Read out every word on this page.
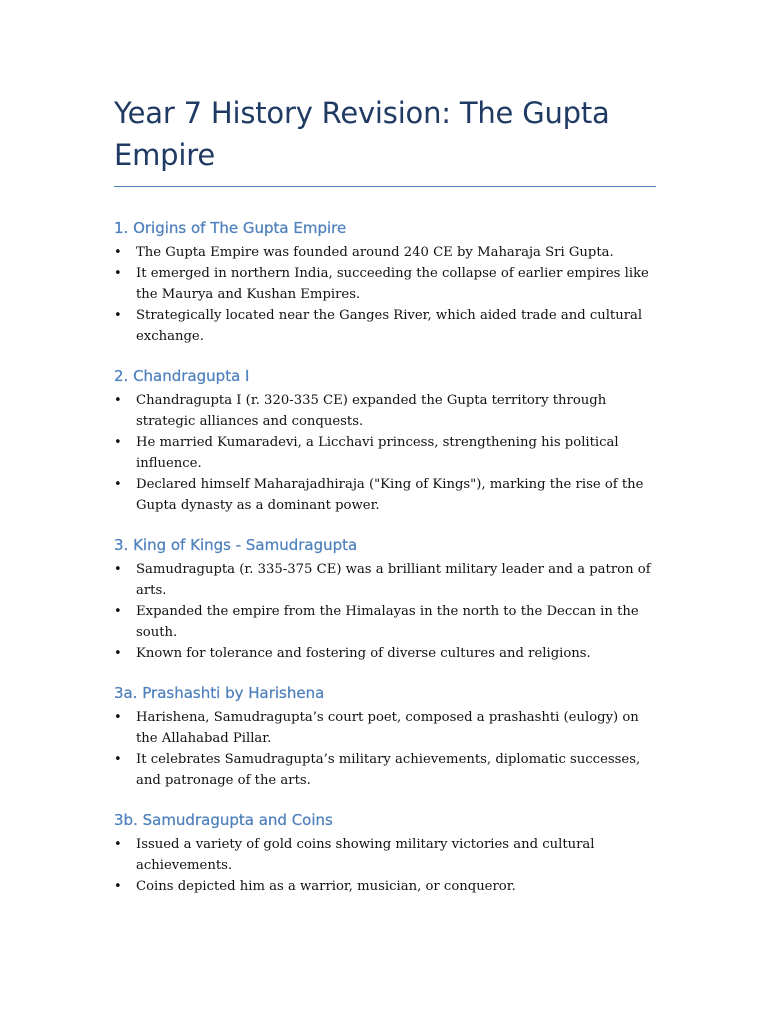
Year 7 History Revision: The Gupta Empire
1. Origins of The Gupta Empire
• The Gupta Empire was founded around 240 CE by Maharaja Sri Gupta.
• It emerged in northern India, succeeding the collapse of earlier empires like the Maurya and Kushan Empires.
• Strategically located near the Ganges River, which aided trade and cultural exchange.
2. Chandragupta I
• Chandragupta I (r. 320-335 CE) expanded the Gupta territory through strategic alliances and conquests.
• He married Kumaradevi, a Licchavi princess, strengthening his political influence.
• Declared himself Maharajadhiraja ("King of Kings"), marking the rise of the Gupta dynasty as a dominant power.
3. King of Kings - Samudragupta
• Samudragupta (r. 335-375 CE) was a brilliant military leader and a patron of arts.
• Expanded the empire from the Himalayas in the north to the Deccan in the south.
• Known for tolerance and fostering of diverse cultures and religions.
3a. Prashashti by Harishena
• Harishena, Samudragupta’s court poet, composed a prashashti (eulogy) on the Allahabad Pillar.
• It celebrates Samudragupta’s military achievements, diplomatic successes, and patronage of the arts.
3b. Samudragupta and Coins
• Issued a variety of gold coins showing military victories and cultural achievements.
• Coins depicted him as a warrior, musician, or conqueror.
